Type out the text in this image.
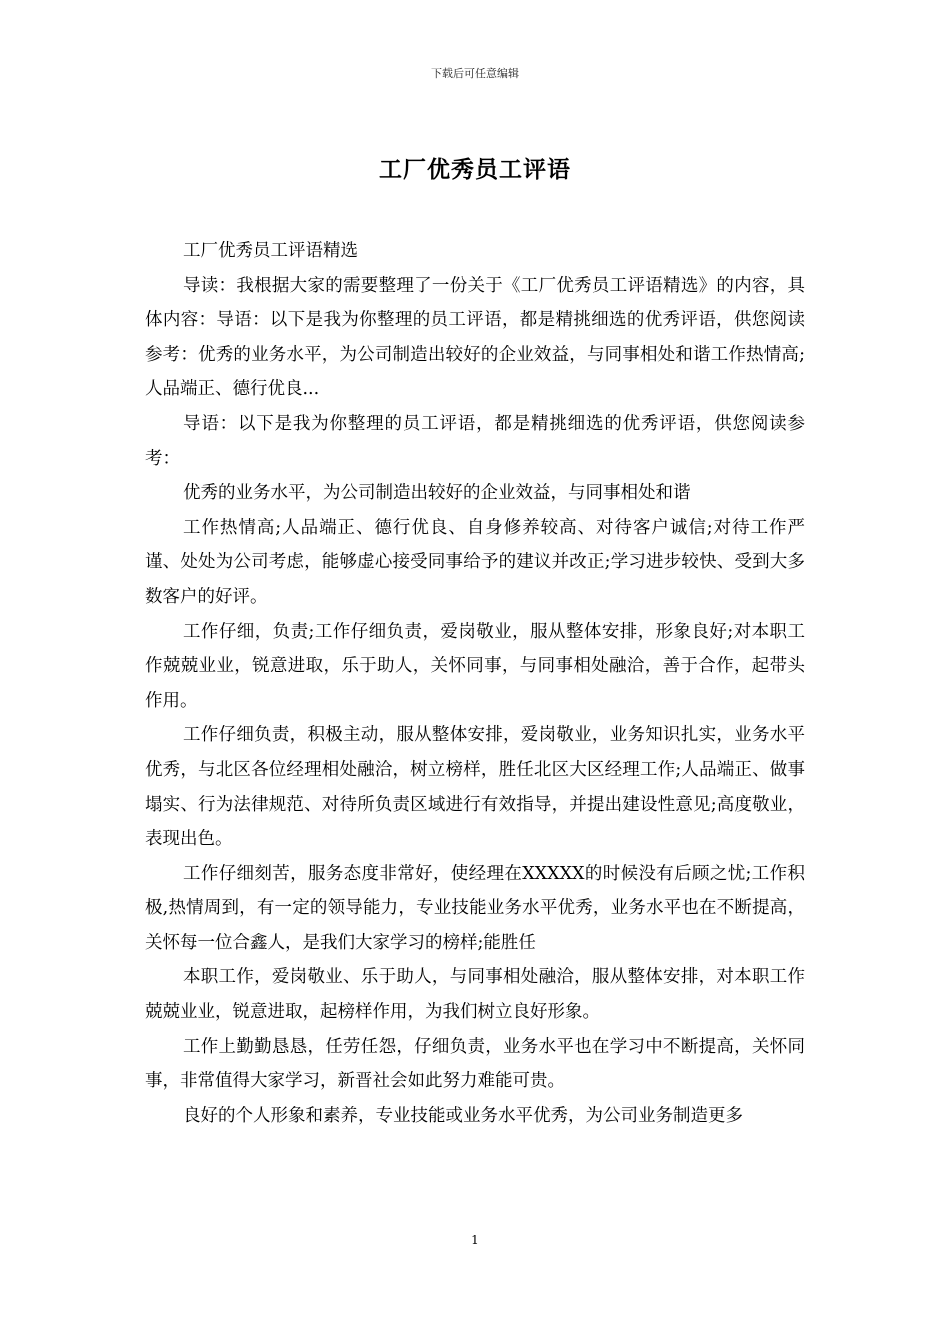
下载后可任意编辑
工厂优秀员工评语

工厂优秀员工评语精选

导读：我根据大家的需要整理了一份关于《工厂优秀员工评语精选》的内容，具体内容：导语：以下是我为你整理的员工评语，都是精挑细选的优秀评语，供您阅读参考：优秀的业务水平，为公司制造出较好的企业效益，与同事相处和谐工作热情高;人品端正、德行优良...

导语：以下是我为你整理的员工评语，都是精挑细选的优秀评语，供您阅读参考：

优秀的业务水平，为公司制造出较好的企业效益，与同事相处和谐

工作热情高;人品端正、德行优良、自身修养较高、对待客户诚信;对待工作严谨、处处为公司考虑，能够虚心接受同事给予的建议并改正;学习进步较快、受到大多数客户的好评。

工作仔细，负责;工作仔细负责，爱岗敬业，服从整体安排，形象良好;对本职工作兢兢业业，锐意进取，乐于助人，关怀同事，与同事相处融洽，善于合作，起带头作用。

工作仔细负责，积极主动，服从整体安排，爱岗敬业，业务知识扎实，业务水平优秀，与北区各位经理相处融洽，树立榜样，胜任北区大区经理工作;人品端正、做事塌实、行为法律规范、对待所负责区域进行有效指导，并提出建设性意见;高度敬业，表现出色。

工作仔细刻苦，服务态度非常好，使经理在XXXXX的时候没有后顾之忧;工作积极,热情周到，有一定的领导能力，专业技能业务水平优秀，业务水平也在不断提高，关怀每一位合鑫人，是我们大家学习的榜样;能胜任

本职工作，爱岗敬业、乐于助人，与同事相处融洽，服从整体安排，对本职工作兢兢业业，锐意进取，起榜样作用，为我们树立良好形象。

工作上勤勤恳恳，任劳任怨，仔细负责，业务水平也在学习中不断提高，关怀同事，非常值得大家学习，新晋社会如此努力难能可贵。

良好的个人形象和素养，专业技能或业务水平优秀，为公司业务制造更多

1
